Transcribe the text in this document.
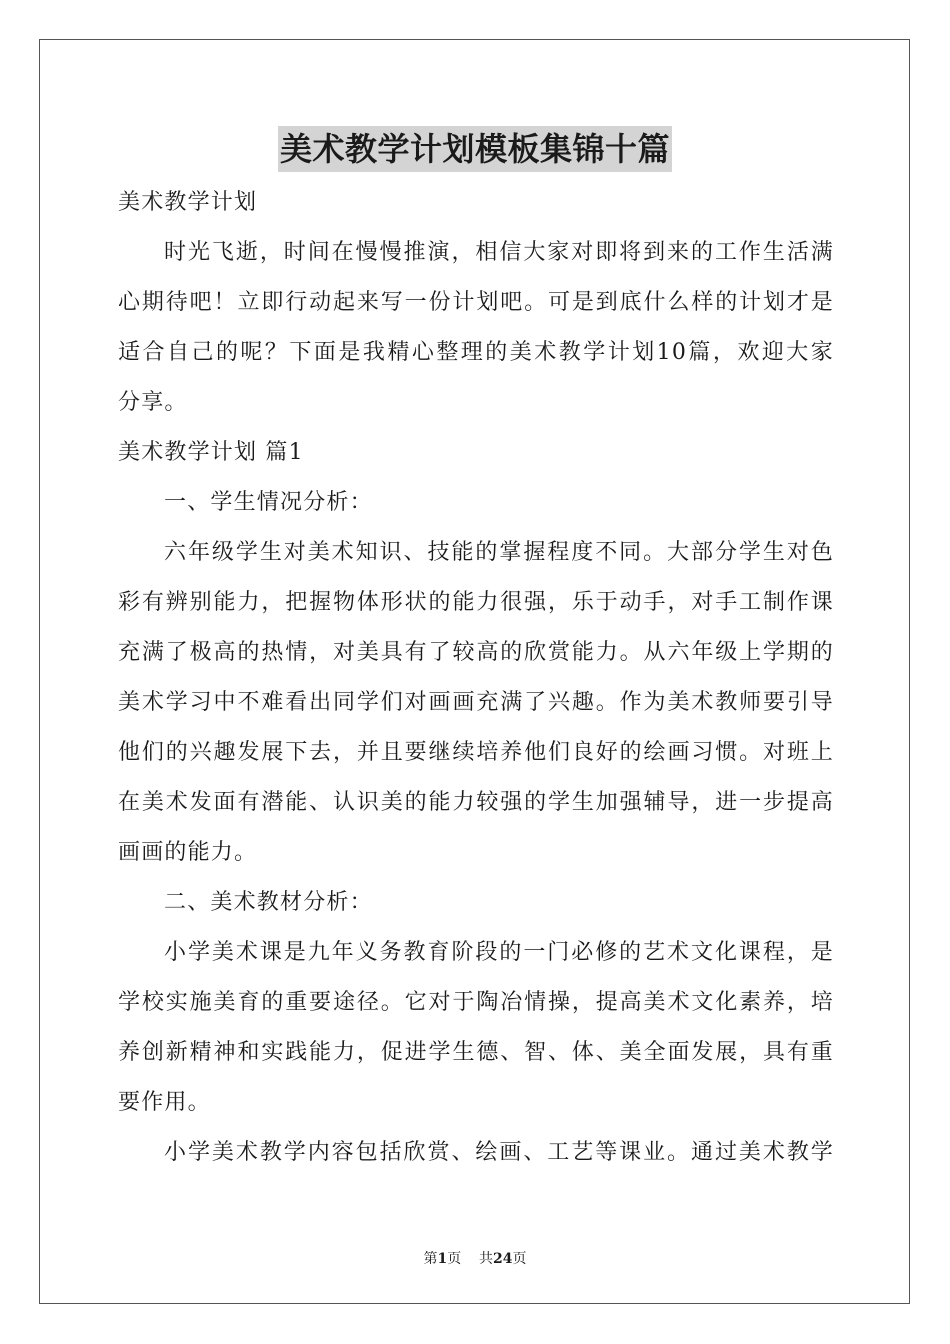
美术教学计划模板集锦十篇
美术教学计划
时光飞逝，时间在慢慢推演，相信大家对即将到来的工作生活满
心期待吧！立即行动起来写一份计划吧。可是到底什么样的计划才是
适合自己的呢？下面是我精心整理的美术教学计划10篇，欢迎大家
分享。
美术教学计划 篇1
一、学生情况分析：
六年级学生对美术知识、技能的掌握程度不同。大部分学生对色
彩有辨别能力，把握物体形状的能力很强，乐于动手，对手工制作课
充满了极高的热情，对美具有了较高的欣赏能力。从六年级上学期的
美术学习中不难看出同学们对画画充满了兴趣。作为美术教师要引导
他们的兴趣发展下去，并且要继续培养他们良好的绘画习惯。对班上
在美术发面有潜能、认识美的能力较强的学生加强辅导，进一步提高
画画的能力。
二、美术教材分析：
小学美术课是九年义务教育阶段的一门必修的艺术文化课程，是
学校实施美育的重要途径。它对于陶冶情操，提高美术文化素养，培
养创新精神和实践能力，促进学生德、智、体、美全面发展，具有重
要作用。
小学美术教学内容包括欣赏、绘画、工艺等课业。通过美术教学
第1页 共24页
